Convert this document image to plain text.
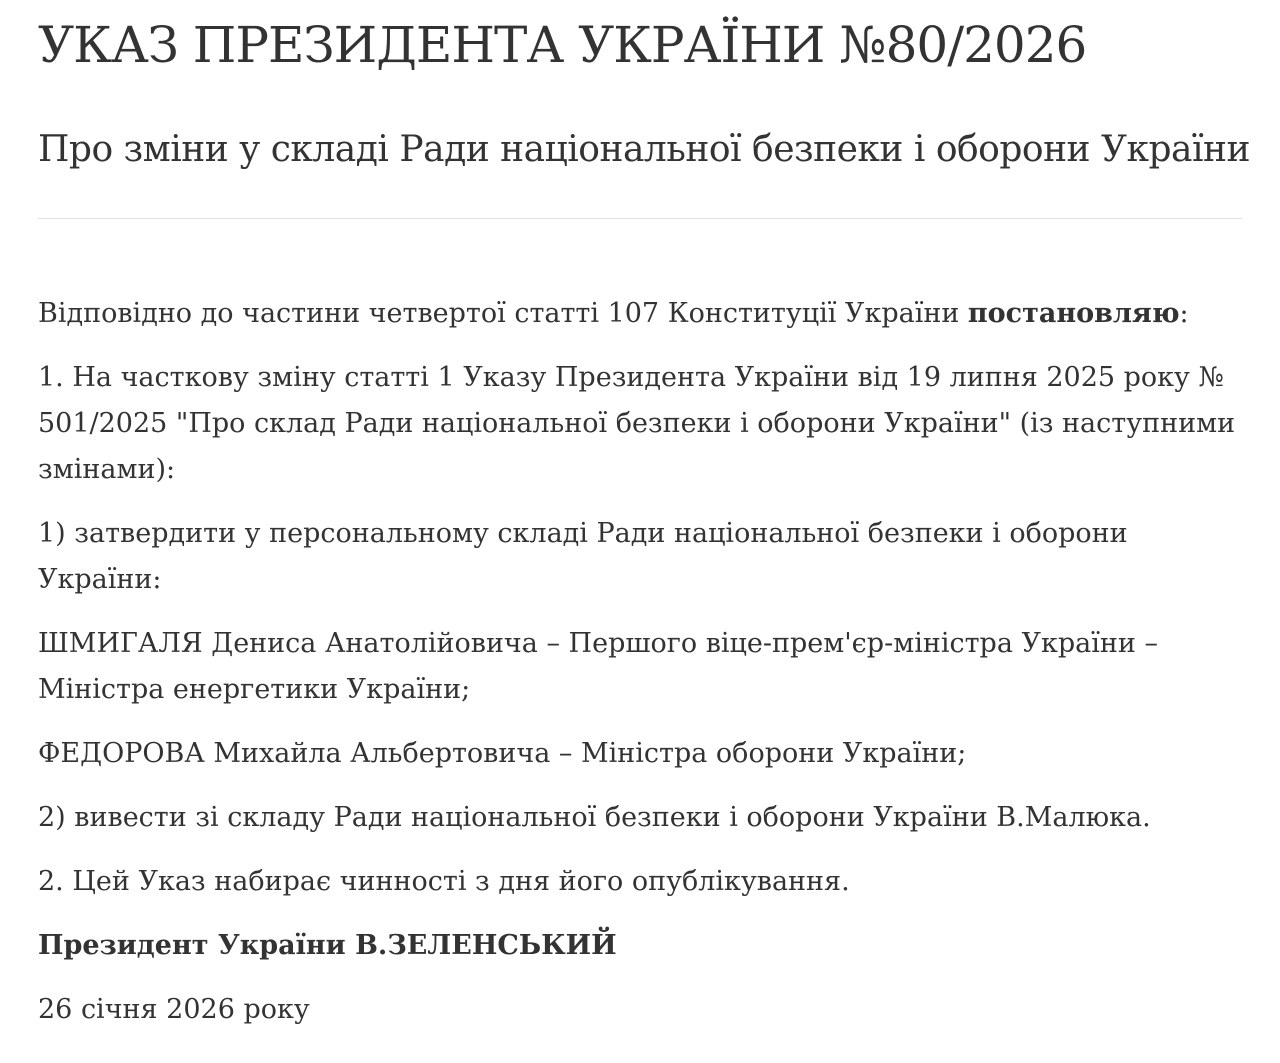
УКАЗ ПРЕЗИДЕНТА УКРАЇНИ №80/2026
Про зміни у складі Ради національної безпеки і оборони України

Відповідно до частини четвертої статті 107 Конституції України постановляю:

1. На часткову зміну статті 1 Указу Президента України від 19 липня 2025 року № 501/2025 "Про склад Ради національної безпеки і оборони України" (із наступними змінами):

1) затвердити у персональному складі Ради національної безпеки і оборони України:

ШМИГАЛЯ Дениса Анатолійовича – Першого віце-прем'єр-міністра України – Міністра енергетики України;

ФЕДОРОВА Михайла Альбертовича – Міністра оборони України;

2) вивести зі складу Ради національної безпеки і оборони України В.Малюка.

2. Цей Указ набирає чинності з дня його опублікування.

Президент України В.ЗЕЛЕНСЬКИЙ

26 січня 2026 року
